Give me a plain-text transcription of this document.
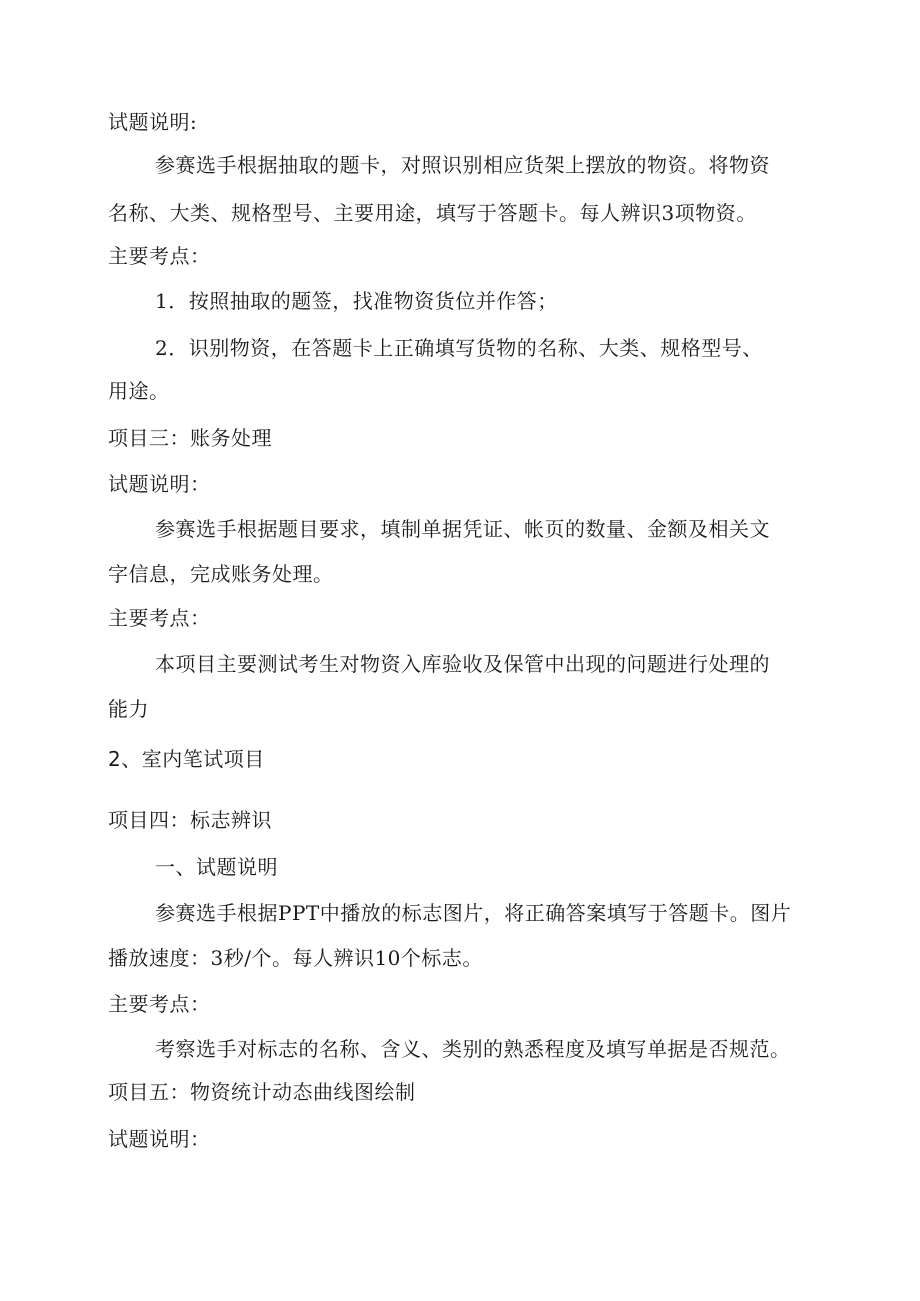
试题说明:
参赛选手根据抽取的题卡，对照识别相应货架上摆放的物资。将物资
名称、大类、规格型号、主要用途，填写于答题卡。每人辨识3项物资。
主要考点：
1．按照抽取的题签，找准物资货位并作答；
2．识别物资，在答题卡上正确填写货物的名称、大类、规格型号、
用途。
项目三：账务处理
试题说明：
参赛选手根据题目要求，填制单据凭证、帐页的数量、金额及相关文
字信息，完成账务处理。
主要考点：
本项目主要测试考生对物资入库验收及保管中出现的问题进行处理的
能力
2、室内笔试项目
项目四：标志辨识
一、试题说明
参赛选手根据PPT中播放的标志图片，将正确答案填写于答题卡。图片
播放速度：3秒/个。每人辨识10个标志。
主要考点：
考察选手对标志的名称、含义、类别的熟悉程度及填写单据是否规范。
项目五：物资统计动态曲线图绘制
试题说明：
